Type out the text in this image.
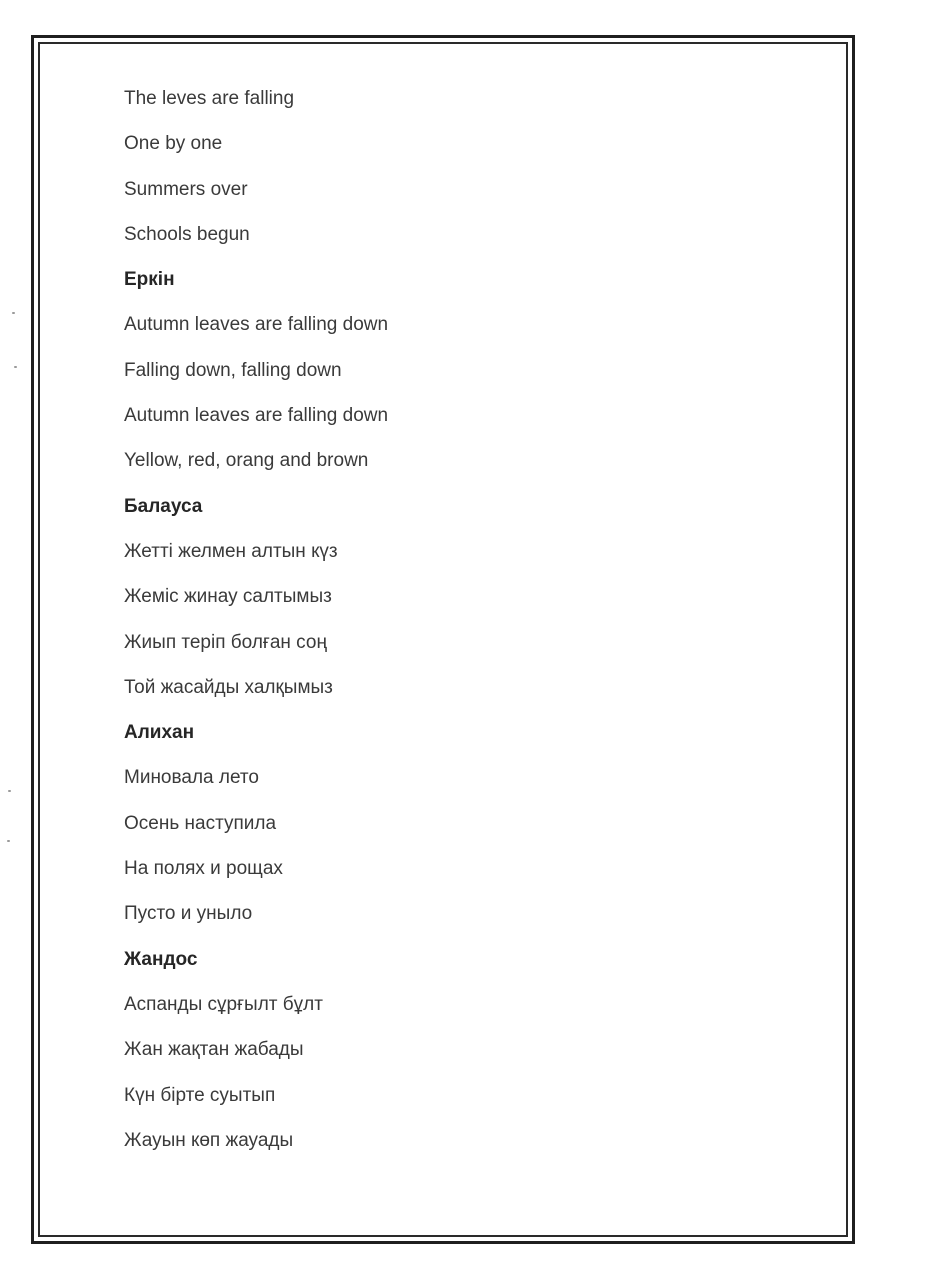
The leves are falling
One by one
Summers over
Schools begun
Еркін
Autumn leaves are falling down
Falling down, falling down
Autumn leaves are falling down
Yellow, red, orang and brown
Балауса
Жетті желмен алтын күз
Жеміс жинау салтымыз
Жиып теріп болған соң
Той жасайды халқымыз
Алихан
Миновала лето
Осень наступила
На полях и рощах
Пусто и уныло
Жандос
Аспанды сұрғылт бұлт
Жан жақтан жабады
Күн бірте суытып
Жауын көп жауады
